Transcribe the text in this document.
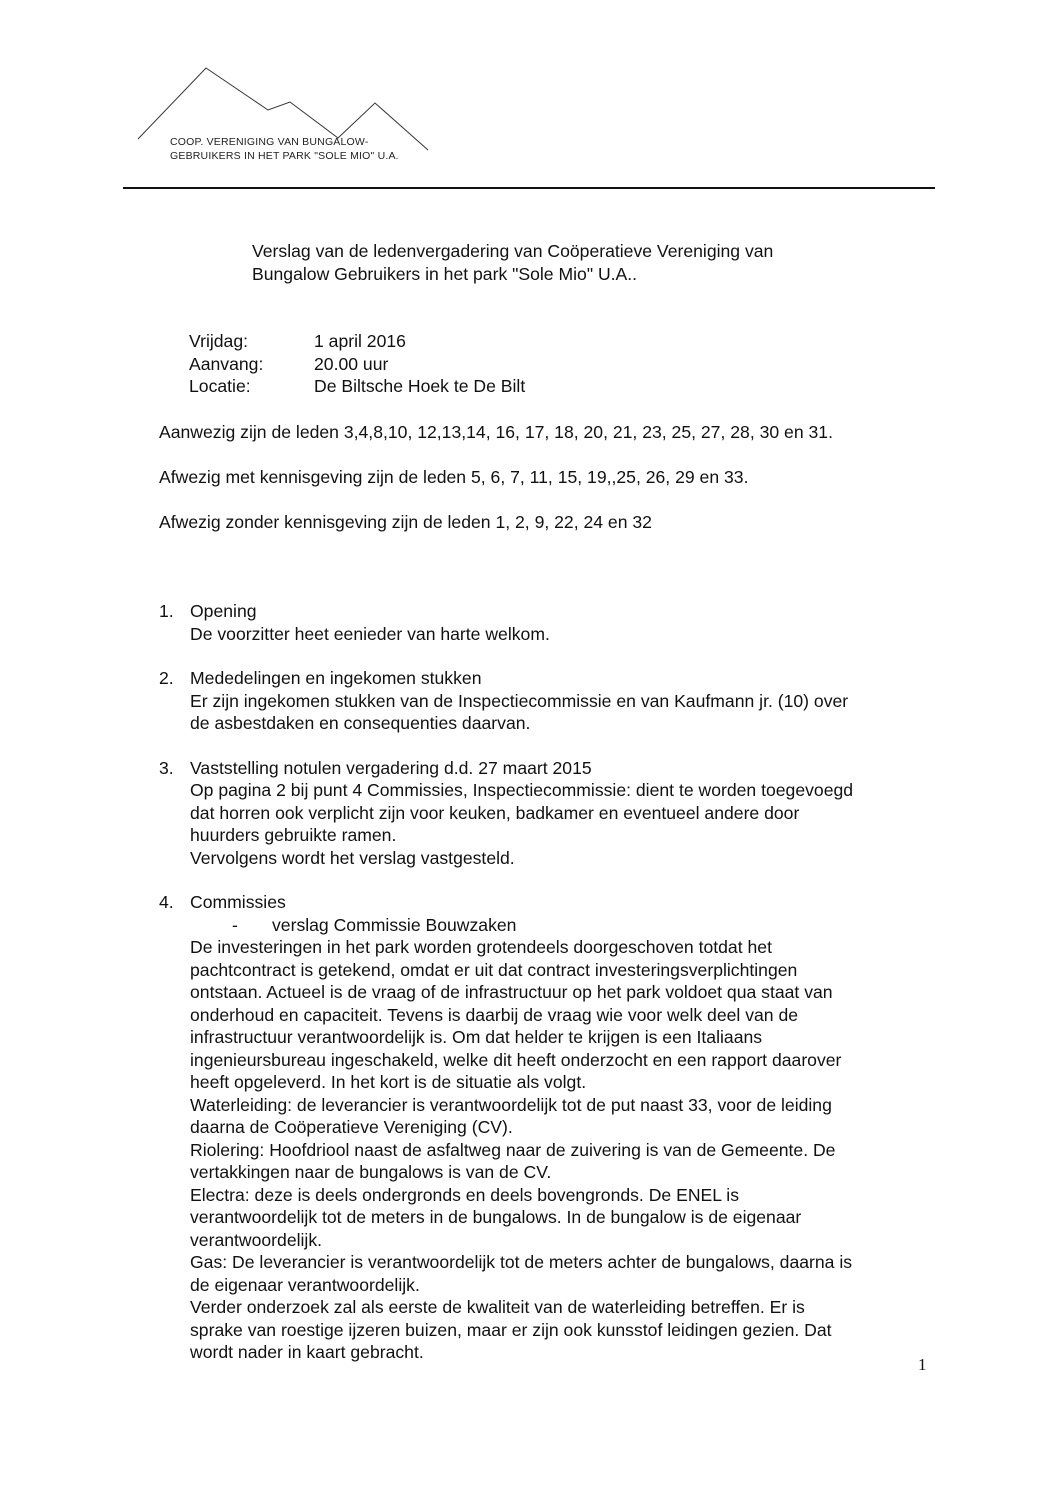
COOP. VERENIGING VAN BUNGALOW-
GEBRUIKERS IN HET PARK "SOLE MIO" U.A.
Verslag van de ledenvergadering van Coöperatieve Vereniging van
Bungalow Gebruikers in het park "Sole Mio" U.A..
Vrijdag:	1 april 2016
Aanvang:	20.00 uur
Locatie:	De Biltsche Hoek te De Bilt
Aanwezig zijn de leden 3,4,8,10, 12,13,14, 16, 17, 18, 20, 21, 23, 25, 27, 28, 30 en 31.
Afwezig met kennisgeving zijn de leden 5, 6, 7, 11, 15, 19,,25, 26, 29 en 33.
Afwezig zonder kennisgeving zijn de leden 1, 2, 9, 22, 24 en 32
1. Opening
De voorzitter heet eenieder van harte welkom.
2. Mededelingen en ingekomen stukken
Er zijn ingekomen stukken van de Inspectiecommissie en van Kaufmann jr. (10) over
de asbestdaken en consequenties daarvan.
3. Vaststelling notulen vergadering d.d. 27 maart 2015
Op pagina 2 bij punt 4 Commissies, Inspectiecommissie: dient te worden toegevoegd
dat horren ook verplicht zijn voor keuken, badkamer en eventueel andere door
huurders gebruikte ramen.
Vervolgens wordt het verslag vastgesteld.
4. Commissies
-	verslag Commissie Bouwzaken
De investeringen in het park worden grotendeels doorgeschoven totdat het
pachtcontract is getekend, omdat er uit dat contract investeringsverplichtingen
ontstaan. Actueel is de vraag of de infrastructuur op het park voldoet qua staat van
onderhoud en capaciteit. Tevens is daarbij de vraag wie voor welk deel van de
infrastructuur verantwoordelijk is. Om dat helder te krijgen is een Italiaans
ingenieursbureau ingeschakeld, welke dit heeft onderzocht en een rapport daarover
heeft opgeleverd. In het kort is de situatie als volgt.
Waterleiding: de leverancier is verantwoordelijk tot de put naast 33, voor de leiding
daarna de Coöperatieve Vereniging (CV).
Riolering: Hoofdriool naast de asfaltweg naar de zuivering is van de Gemeente. De
vertakkingen naar de bungalows is van de CV.
Electra: deze is deels ondergronds en deels bovengronds. De ENEL is
verantwoordelijk tot de meters in de bungalows. In de bungalow is de eigenaar
verantwoordelijk.
Gas: De leverancier is verantwoordelijk tot de meters achter de bungalows, daarna is
de eigenaar verantwoordelijk.
Verder onderzoek zal als eerste de kwaliteit van de waterleiding betreffen. Er is
sprake van roestige ijzeren buizen, maar er zijn ook kunsstof leidingen gezien. Dat
wordt nader in kaart gebracht.
1
